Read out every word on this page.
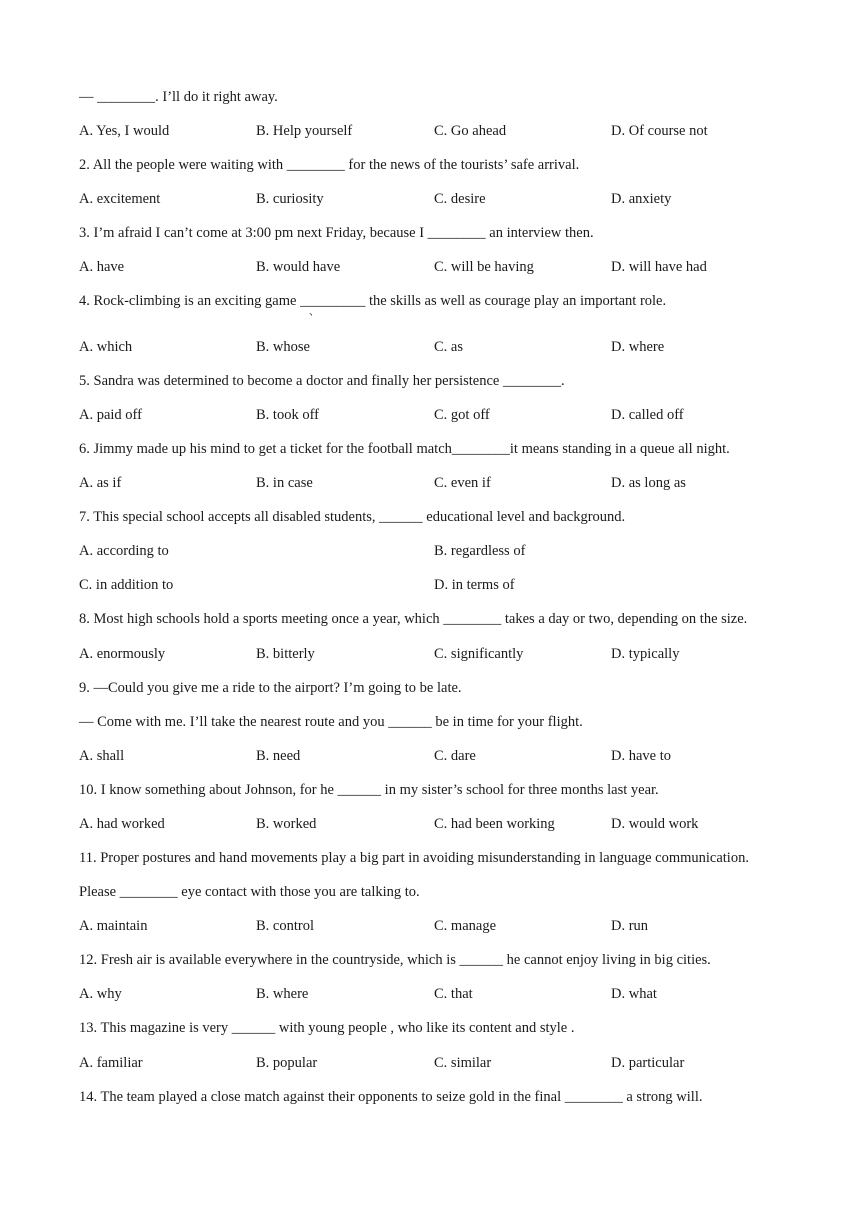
— ________. I’ll do it right away.
A. Yes, I would	B. Help yourself	C. Go ahead	D. Of course not
2. All the people were waiting with ________ for the news of the tourists’ safe arrival.
A. excitement	B. curiosity	C. desire	D. anxiety
3. I’m afraid I can’t come at 3:00 pm next Friday, because I ________ an interview then.
A. have	B. would have	C. will be having	D. will have had
4. Rock-climbing is an exciting game _________ the skills as well as courage play an important role.
、
A. which	B. whose	C. as	D. where
5. Sandra was determined to become a doctor and finally her persistence ________.
A. paid off	B. took off	C. got off	D. called off
6. Jimmy made up his mind to get a ticket for the football match________it means standing in a queue all night.
A. as if	B. in case	C. even if	D. as long as
7. This special school accepts all disabled students, ______ educational level and background.
A. according to	B. regardless of
C. in addition to	D. in terms of
8. Most high schools hold a sports meeting once a year, which ________ takes a day or two, depending on the size.
A. enormously	B. bitterly	C. significantly	D. typically
9. —Could you give me a ride to the airport? I’m going to be late.
— Come with me. I’ll take the nearest route and you ______ be in time for your flight.
A. shall	B. need	C. dare	D. have to
10. I know something about Johnson, for he ______ in my sister’s school for three months last year.
A. had worked	B. worked	C. had been working	D. would work
11. Proper postures and hand movements play a big part in avoiding misunderstanding in language communication.
Please ________ eye contact with those you are talking to.
A. maintain	B. control	C. manage	D. run
12. Fresh air is available everywhere in the countryside, which is ______ he cannot enjoy living in big cities.
A. why	B. where	C. that	D. what
13. This magazine is very ______ with young people , who like its content and style .
A. familiar	B. popular	C. similar	D. particular
14. The team played a close match against their opponents to seize gold in the final ________ a strong will.
